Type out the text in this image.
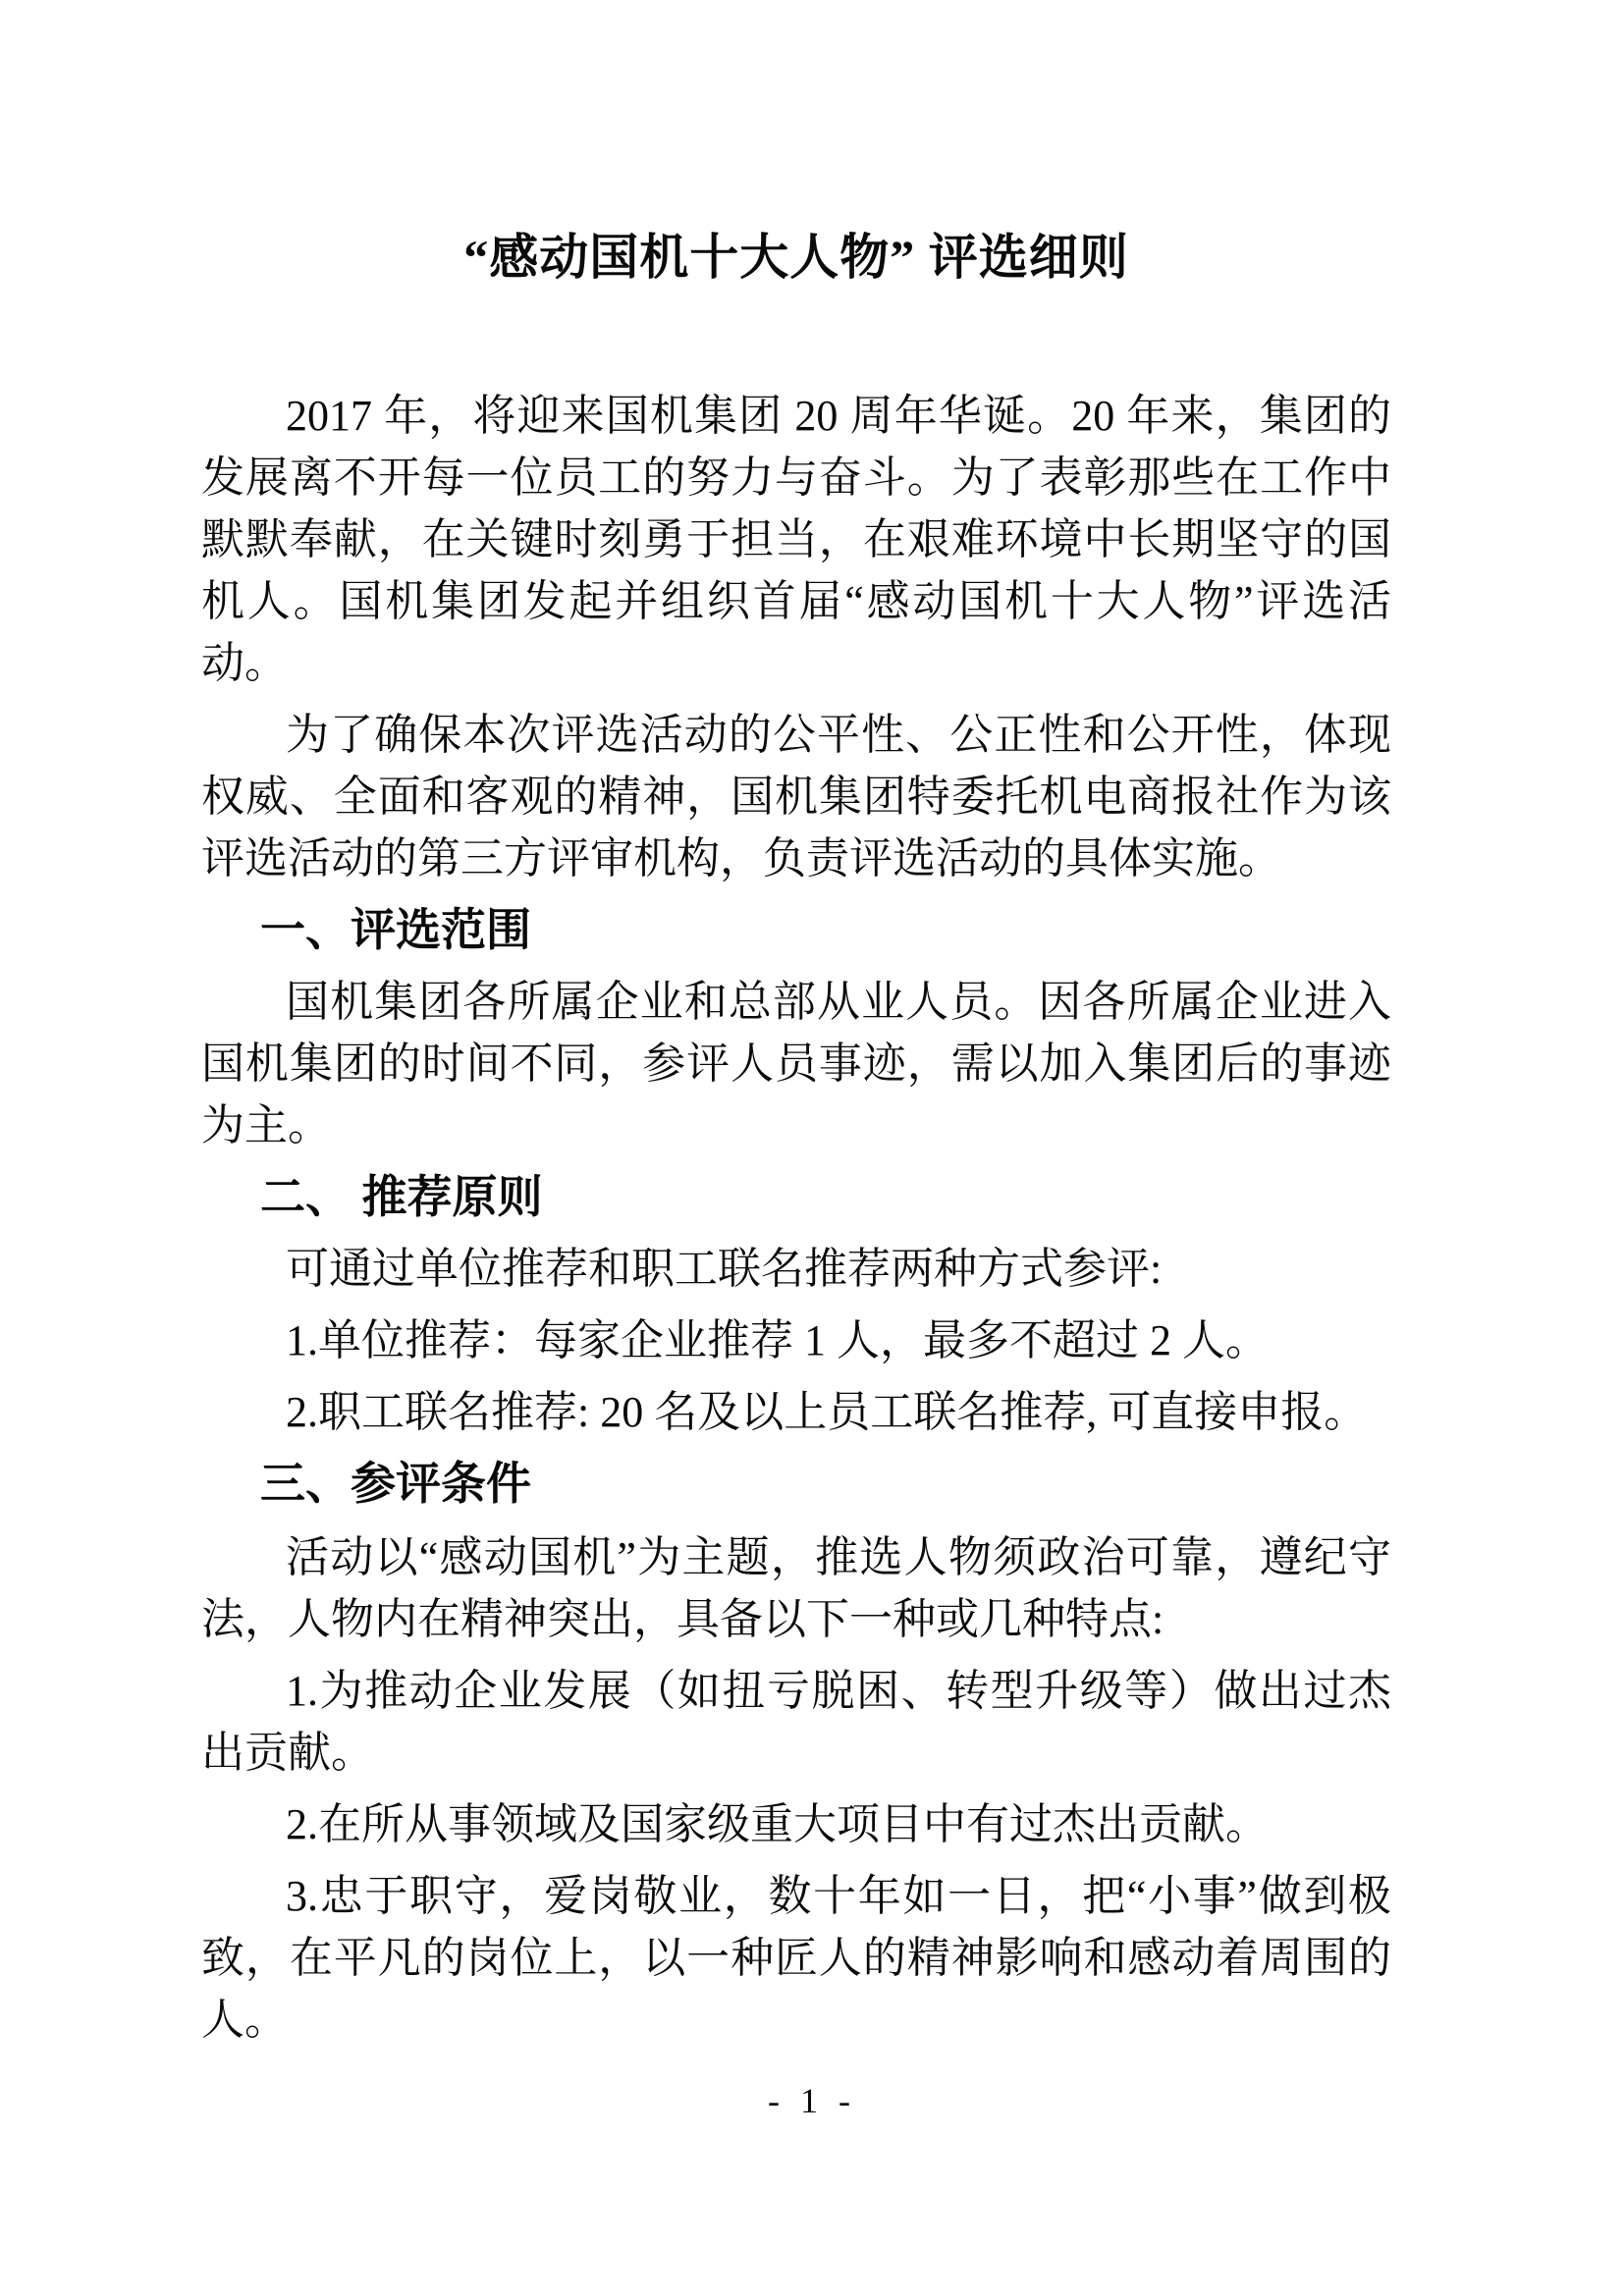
“感动国机十大人物” 评选细则

2017 年，将迎来国机集团 20 周年华诞。20 年来，集团的发展离不开每一位员工的努力与奋斗。为了表彰那些在工作中默默奉献，在关键时刻勇于担当，在艰难环境中长期坚守的国机人。国机集团发起并组织首届“感动国机十大人物”评选活动。

为了确保本次评选活动的公平性、公正性和公开性，体现权威、全面和客观的精神，国机集团特委托机电商报社作为该评选活动的第三方评审机构，负责评选活动的具体实施。

一、评选范围

国机集团各所属企业和总部从业人员。因各所属企业进入国机集团的时间不同，参评人员事迹，需以加入集团后的事迹为主。

二、 推荐原则

可通过单位推荐和职工联名推荐两种方式参评:

1.单位推荐：每家企业推荐 1 人，最多不超过 2 人。

2.职工联名推荐: 20 名及以上员工联名推荐, 可直接申报。

三、参评条件

活动以“感动国机”为主题，推选人物须政治可靠，遵纪守法，人物内在精神突出，具备以下一种或几种特点:

1.为推动企业发展（如扭亏脱困、转型升级等）做出过杰出贡献。

2.在所从事领域及国家级重大项目中有过杰出贡献。

3.忠于职守，爱岗敬业，数十年如一日，把“小事”做到极致，在平凡的岗位上，以一种匠人的精神影响和感动着周围的人。

- 1 -
